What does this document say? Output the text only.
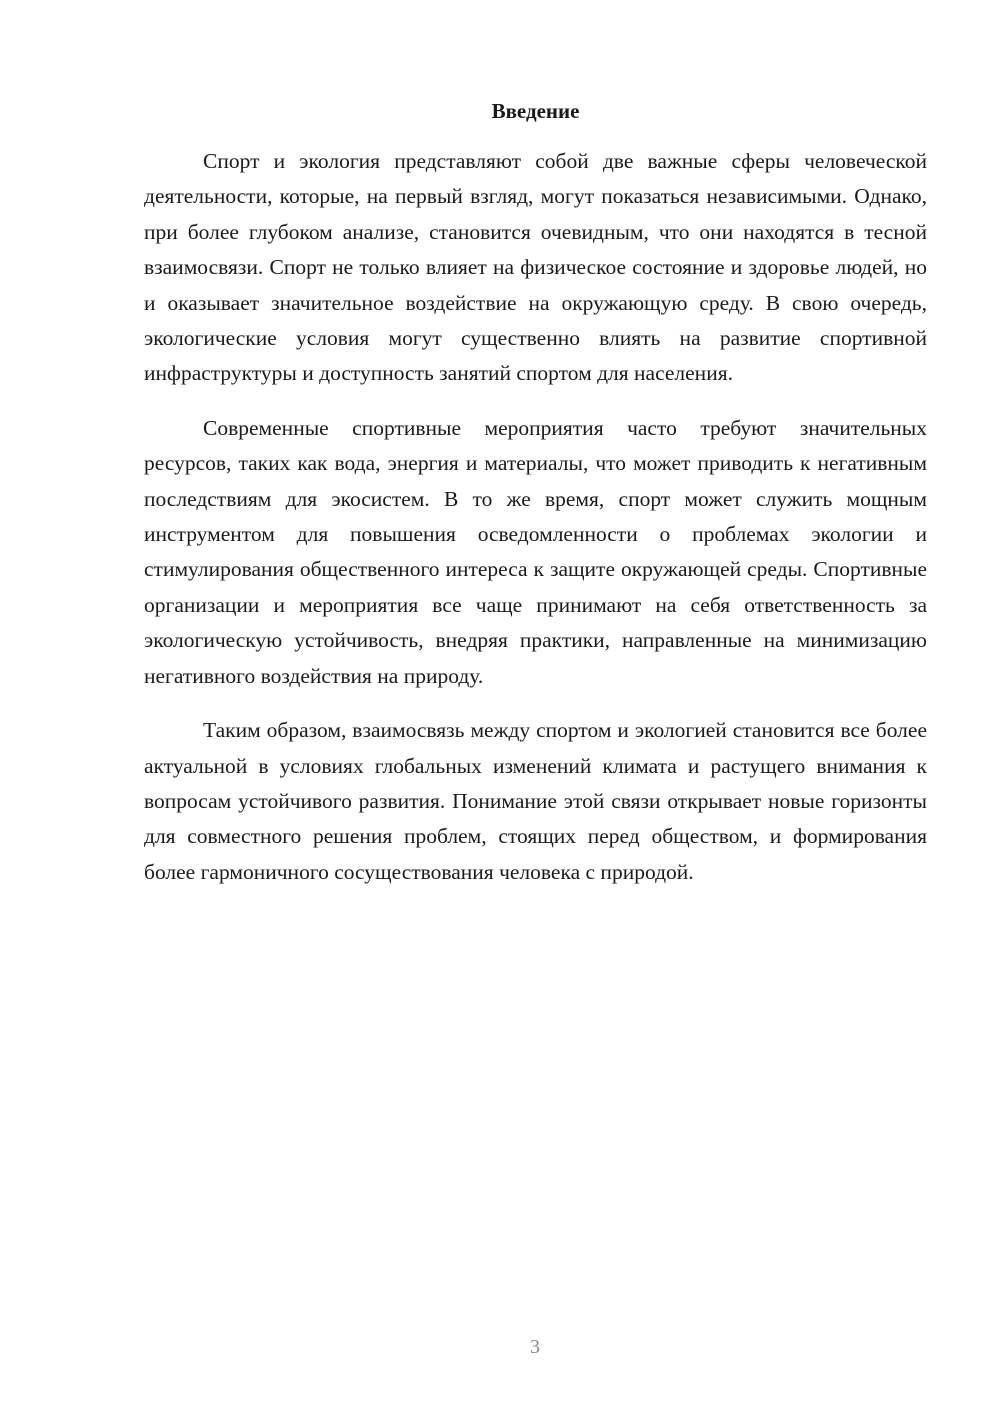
Введение

Спорт и экология представляют собой две важные сферы человеческой деятельности, которые, на первый взгляд, могут показаться независимыми. Однако, при более глубоком анализе, становится очевидным, что они находятся в тесной взаимосвязи. Спорт не только влияет на физическое состояние и здоровье людей, но и оказывает значительное воздействие на окружающую среду. В свою очередь, экологические условия могут существенно влиять на развитие спортивной инфраструктуры и доступность занятий спортом для населения.

Современные спортивные мероприятия часто требуют значительных ресурсов, таких как вода, энергия и материалы, что может приводить к негативным последствиям для экосистем. В то же время, спорт может служить мощным инструментом для повышения осведомленности о проблемах экологии и стимулирования общественного интереса к защите окружающей среды. Спортивные организации и мероприятия все чаще принимают на себя ответственность за экологическую устойчивость, внедряя практики, направленные на минимизацию негативного воздействия на природу.

Таким образом, взаимосвязь между спортом и экологией становится все более актуальной в условиях глобальных изменений климата и растущего внимания к вопросам устойчивого развития. Понимание этой связи открывает новые горизонты для совместного решения проблем, стоящих перед обществом, и формирования более гармоничного сосуществования человека с природой.

3
